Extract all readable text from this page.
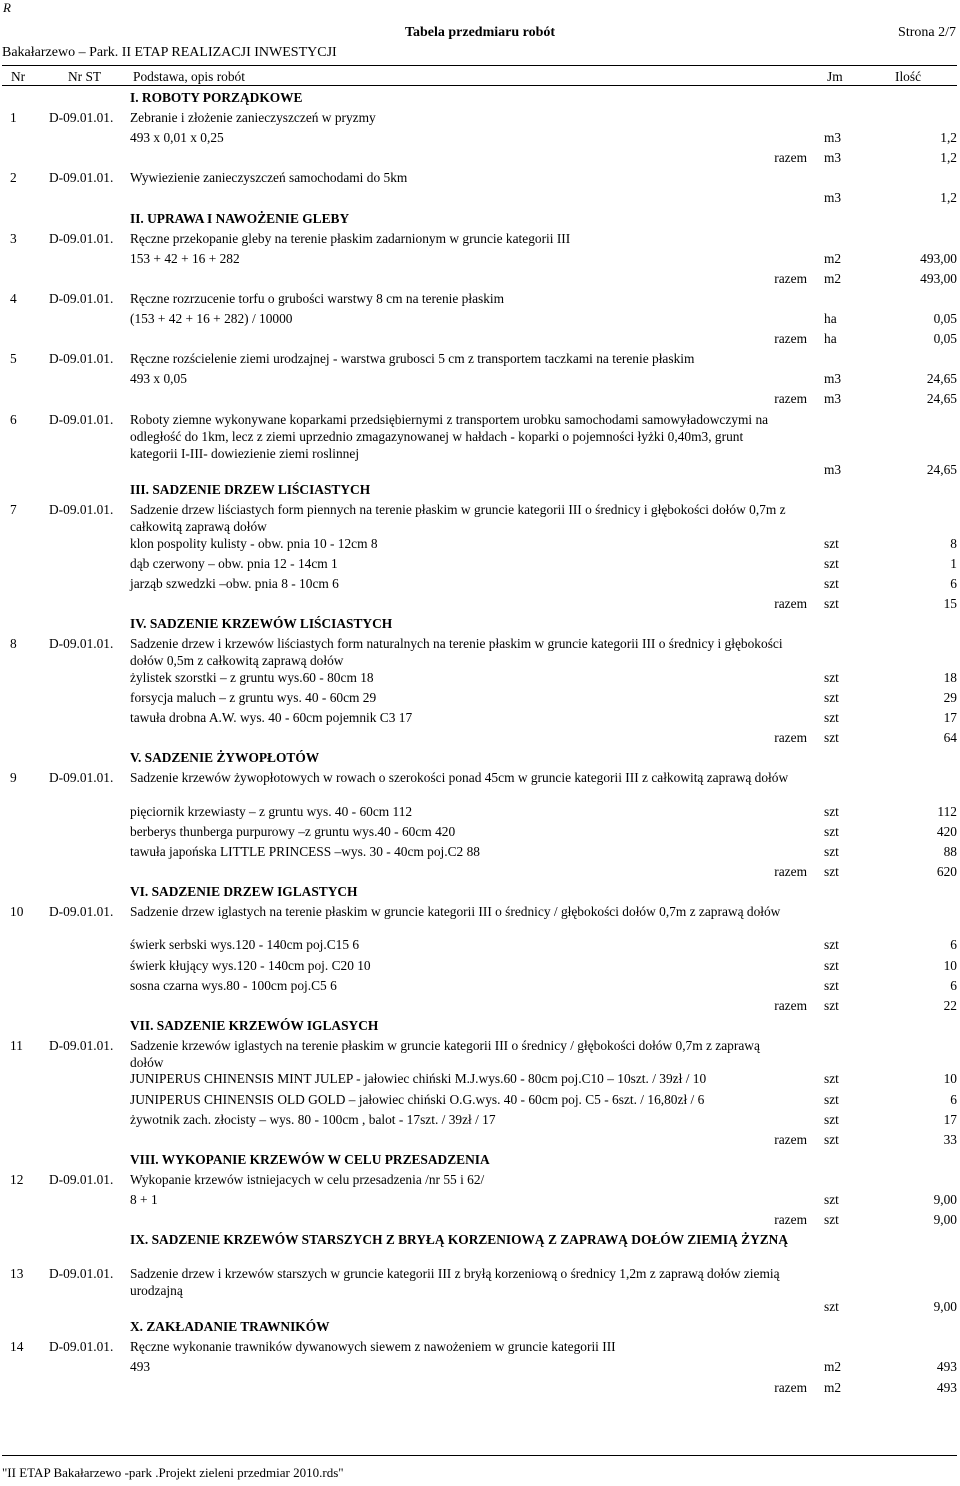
R
Tabela przedmiaru robót	Strona 2/7
Bakałarzewo – Park. II ETAP REALIZACJI INWESTYCJI
Nr	Nr ST Podstawa, opis robót	Jm	Ilość
I. ROBOTY PORZĄDKOWE
1 D-09.01.01. Zebranie i złożenie zanieczyszczeń w pryzmy
493 x 0,01 x 0,25	m3	1,2
razem m3	1,2
2 D-09.01.01. Wywiezienie zanieczyszczeń samochodami do 5km
m3	1,2
II. UPRAWA I NAWOŻENIE GLEBY
3 D-09.01.01. Ręczne przekopanie gleby na terenie płaskim zadarnionym w gruncie kategorii III
153 + 42 + 16 + 282	m2	493,00
razem m2	493,00
4 D-09.01.01. Ręczne rozrzucenie torfu o grubości warstwy 8 cm na terenie płaskim
(153 + 42 + 16 + 282) / 10000	ha	0,05
razem ha	0,05
5 D-09.01.01. Ręczne rozścielenie ziemi urodzajnej - warstwa grubosci 5 cm z transportem taczkami na terenie płaskim
493 x 0,05	m3	24,65
razem m3	24,65
6 D-09.01.01. Roboty ziemne wykonywane koparkami przedsiębiernymi z transportem urobku samochodami samowyładowczymi na odległość do 1km, lecz z ziemi uprzednio zmagazynowanej w hałdach - koparki o pojemności łyżki 0,40m3, grunt kategorii I-III- dowiezienie ziemi roslinnej
m3	24,65
III. SADZENIE DRZEW LIŚCIASTYCH
7 D-09.01.01. Sadzenie drzew liściastych form piennych na terenie płaskim w gruncie kategorii III o średnicy i głębokości dołów 0,7m z całkowitą zaprawą dołów
klon pospolity kulisty - obw. pnia 10 - 12cm 8	szt	8
dąb czerwony – obw. pnia 12 - 14cm 1	szt	1
jarząb szwedzki –obw. pnia 8 - 10cm 6	szt	6
razem szt	15
IV. SADZENIE KRZEWÓW LIŚCIASTYCH
8 D-09.01.01. Sadzenie drzew i krzewów liściastych form naturalnych na terenie płaskim w gruncie kategorii III o średnicy i głębokości dołów 0,5m z całkowitą zaprawą dołów
żylistek szorstki – z gruntu wys.60 - 80cm 18	szt	18
forsycja maluch – z gruntu wys. 40 - 60cm 29	szt	29
tawuła drobna A.W. wys. 40 - 60cm pojemnik C3 17	szt	17
razem szt	64
V. SADZENIE ŻYWOPŁOTÓW
9 D-09.01.01. Sadzenie krzewów żywopłotowych w rowach o szerokości ponad 45cm w gruncie kategorii III z całkowitą zaprawą dołów
pięciornik krzewiasty – z gruntu wys. 40 - 60cm 112	szt	112
berberys thunberga purpurowy –z gruntu wys.40 - 60cm 420	szt	420
tawuła japońska LITTLE PRINCESS –wys. 30 - 40cm poj.C2 88	szt	88
razem szt	620
VI. SADZENIE DRZEW IGLASTYCH
10 D-09.01.01. Sadzenie drzew iglastych na terenie płaskim w gruncie kategorii III o średnicy / głębokości dołów 0,7m z zaprawą dołów
świerk serbski wys.120 - 140cm poj.C15 6	szt	6
świerk kłujący wys.120 - 140cm poj. C20 10	szt	10
sosna czarna wys.80 - 100cm poj.C5 6	szt	6
razem szt	22
VII. SADZENIE KRZEWÓW IGLASYCH
11 D-09.01.01. Sadzenie krzewów iglastych na terenie płaskim w gruncie kategorii III o średnicy / głębokości dołów 0,7m z zaprawą dołów
JUNIPERUS CHINENSIS MINT JULEP - jałowiec chiński M.J.wys.60 - 80cm poj.C10 – 10szt. / 39zł / 10	szt	10
JUNIPERUS CHINENSIS OLD GOLD – jałowiec chiński O.G.wys. 40 - 60cm poj. C5 - 6szt. / 16,80zł / 6	szt	6
żywotnik zach. złocisty – wys. 80 - 100cm , balot - 17szt. / 39zł / 17	szt	17
razem szt	33
VIII. WYKOPANIE KRZEWÓW W CELU PRZESADZENIA
12 D-09.01.01. Wykopanie krzewów istniejacych w celu przesadzenia /nr 55 i 62/
8 + 1	szt	9,00
razem szt	9,00
IX. SADZENIE KRZEWÓW STARSZYCH Z BRYŁĄ KORZENIOWĄ Z ZAPRAWĄ DOŁÓW ZIEMIĄ ŻYZNĄ
13 D-09.01.01. Sadzenie drzew i krzewów starszych w gruncie kategorii III z bryłą korzeniową o średnicy 1,2m z zaprawą dołów ziemią urodzajną
szt	9,00
X. ZAKŁADANIE TRAWNIKÓW
14 D-09.01.01. Ręczne wykonanie trawników dywanowych siewem z nawożeniem w gruncie kategorii III
493	m2	493
razem m2	493
"II ETAP Bakałarzewo -park .Projekt zieleni przedmiar 2010.rds"
